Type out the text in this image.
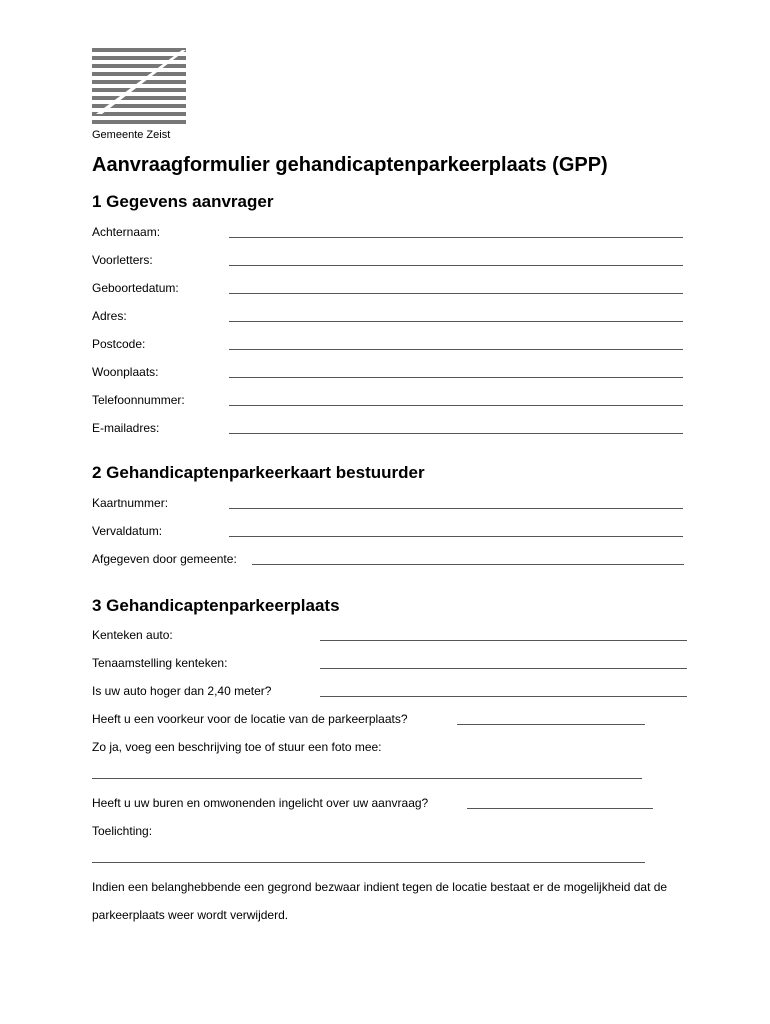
Gemeente Zeist
Aanvraagformulier gehandicaptenparkeerplaats (GPP)
1 Gegevens aanvrager
Achternaam:
Voorletters:
Geboortedatum:
Adres:
Postcode:
Woonplaats:
Telefoonnummer:
E-mailadres:
2 Gehandicaptenparkeerkaart bestuurder
Kaartnummer:
Vervaldatum:
Afgegeven door gemeente:
3 Gehandicaptenparkeerplaats
Kenteken auto:
Tenaamstelling kenteken:
Is uw auto hoger dan 2,40 meter?
Heeft u een voorkeur voor de locatie van de parkeerplaats?
Zo ja, voeg een beschrijving toe of stuur een foto mee:
Heeft u uw buren en omwonenden ingelicht over uw aanvraag?
Toelichting:
Indien een belanghebbende een gegrond bezwaar indient tegen de locatie bestaat er de mogelijkheid dat de
parkeerplaats weer wordt verwijderd.
